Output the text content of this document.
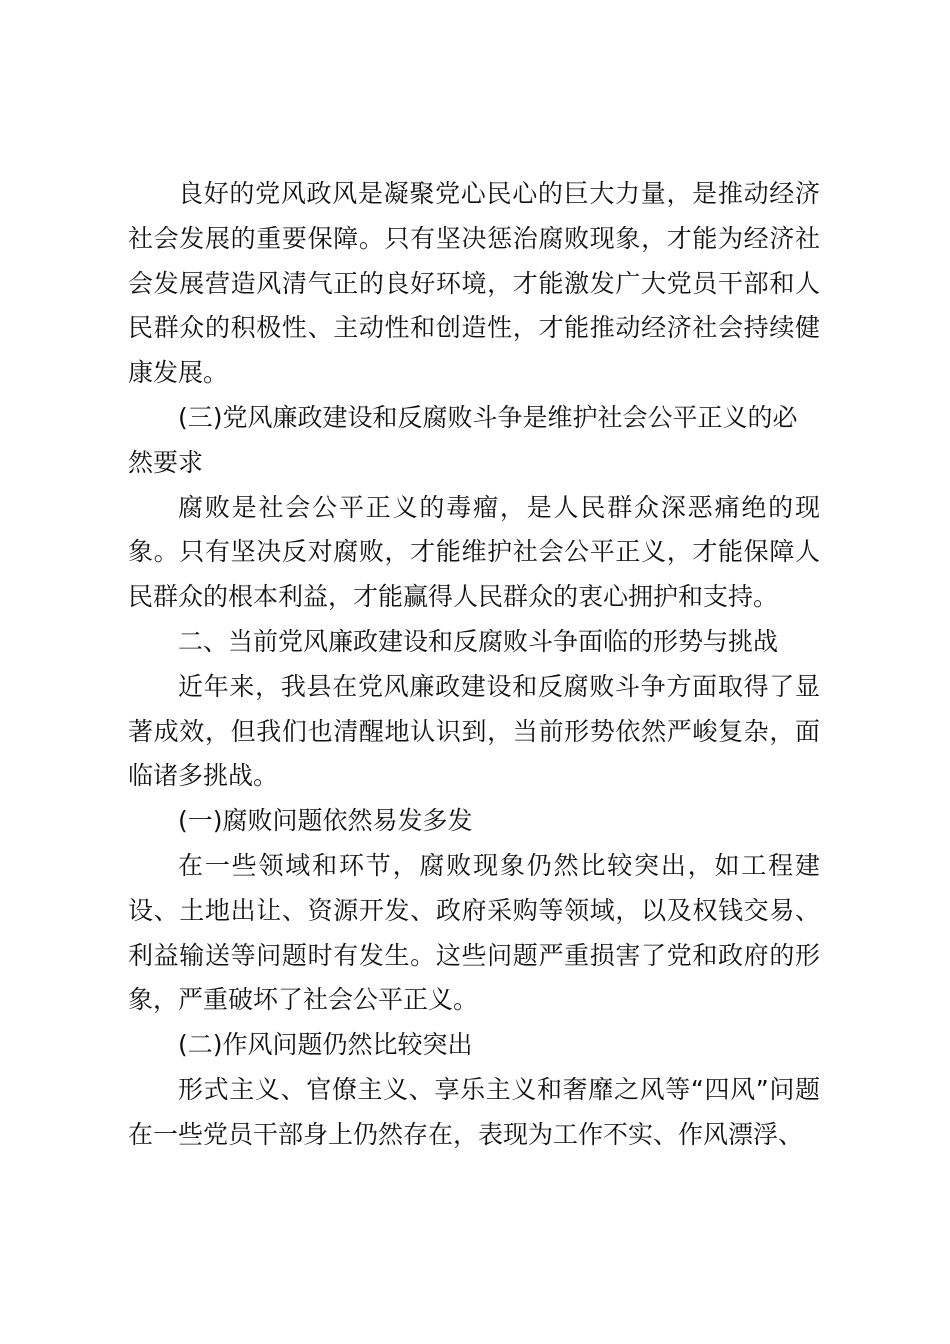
良好的党风政风是凝聚党心民心的巨大力量，是推动经济社会发展的重要保障。只有坚决惩治腐败现象，才能为经济社会发展营造风清气正的良好环境，才能激发广大党员干部和人民群众的积极性、主动性和创造性，才能推动经济社会持续健康发展。

(三)党风廉政建设和反腐败斗争是维护社会公平正义的必然要求

腐败是社会公平正义的毒瘤，是人民群众深恶痛绝的现象。只有坚决反对腐败，才能维护社会公平正义，才能保障人民群众的根本利益，才能赢得人民群众的衷心拥护和支持。

二、当前党风廉政建设和反腐败斗争面临的形势与挑战

近年来，我县在党风廉政建设和反腐败斗争方面取得了显著成效，但我们也清醒地认识到，当前形势依然严峻复杂，面临诸多挑战。

(一)腐败问题依然易发多发

在一些领域和环节，腐败现象仍然比较突出，如工程建设、土地出让、资源开发、政府采购等领域，以及权钱交易、利益输送等问题时有发生。这些问题严重损害了党和政府的形象，严重破坏了社会公平正义。

(二)作风问题仍然比较突出

形式主义、官僚主义、享乐主义和奢靡之风等“四风”问题在一些党员干部身上仍然存在，表现为工作不实、作风漂浮、
